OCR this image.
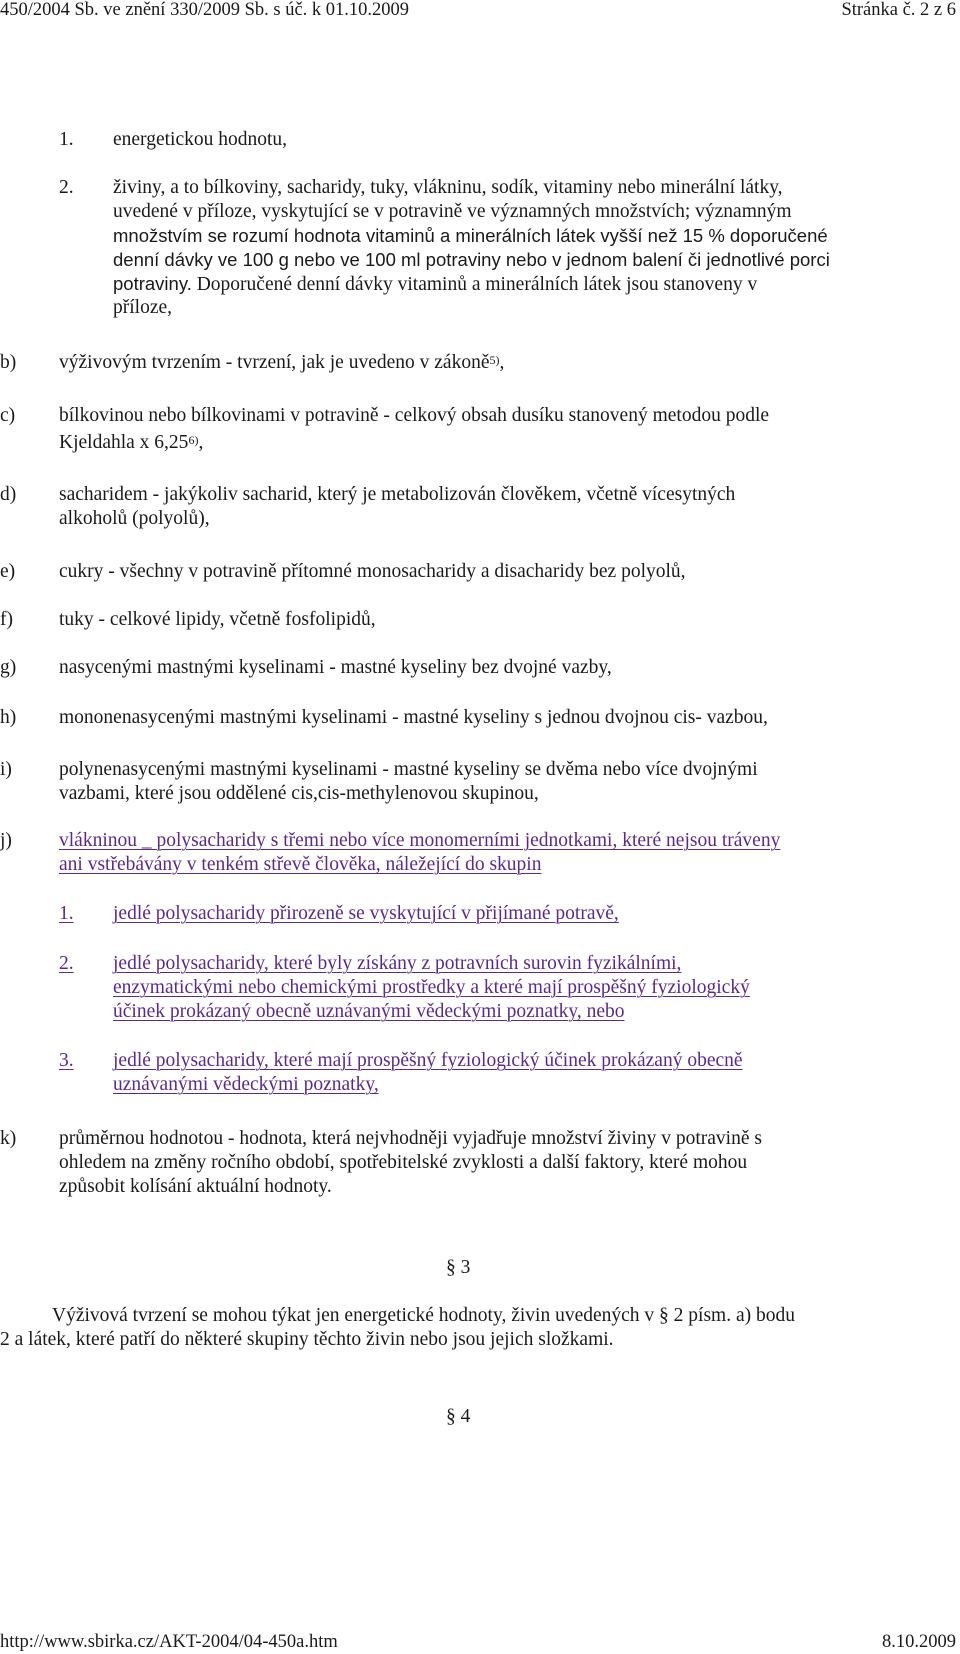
450/2004 Sb. ve znění 330/2009 Sb. s úč. k 01.10.2009	Stránka č. 2 z 6
1. energetickou hodnotu,
2. živiny, a to bílkoviny, sacharidy, tuky, vlákninu, sodík, vitaminy nebo minerální látky,
uvedené v příloze, vyskytující se v potravině ve významných množstvích; významným
množstvím se rozumí hodnota vitaminů a minerálních látek vyšší než 15 % doporučené
denní dávky ve 100 g nebo ve 100 ml potraviny nebo v jednom balení či jednotlivé porci
potraviny. Doporučené denní dávky vitaminů a minerálních látek jsou stanoveny v
příloze,
b) výživovým tvrzením - tvrzení, jak je uvedeno v zákoně$^{5)}$,
c) bílkovinou nebo bílkovinami v potravině - celkový obsah dusíku stanovený metodou podle
Kjeldahla x 6,25$^{6)}$,
d) sacharidem - jakýkoliv sacharid, který je metabolizován člověkem, včetně vícesytných
alkoholů (polyolů),
e) cukry - všechny v potravině přítomné monosacharidy a disacharidy bez polyolů,
f) tuky - celkové lipidy, včetně fosfolipidů,
g) nasycenými mastnými kyselinami - mastné kyseliny bez dvojné vazby,
h) mononenasycenými mastnými kyselinami - mastné kyseliny s jednou dvojnou cis- vazbou,
i) polynenasycenými mastnými kyselinami - mastné kyseliny se dvěma nebo více dvojnými
vazbami, které jsou oddělené cis,cis-methylenovou skupinou,
j) vlákninou _ polysacharidy s třemi nebo více monomerními jednotkami, které nejsou tráveny
ani vstřebávány v tenkém střevě člověka, náležející do skupin
1. jedlé polysacharidy přirozeně se vyskytující v přijímané potravě,
2. jedlé polysacharidy, které byly získány z potravních surovin fyzikálními,
enzymatickými nebo chemickými prostředky a které mají prospěšný fyziologický
účinek prokázaný obecně uznávanými vědeckými poznatky, nebo
3. jedlé polysacharidy, které mají prospěšný fyziologický účinek prokázaný obecně
uznávanými vědeckými poznatky,
k) průměrnou hodnotou - hodnota, která nejvhodněji vyjadřuje množství živiny v potravině s
ohledem na změny ročního období, spotřebitelské zvyklosti a další faktory, které mohou
způsobit kolísání aktuální hodnoty.
§ 3
Výživová tvrzení se mohou týkat jen energetické hodnoty, živin uvedených v § 2 písm. a) bodu
2 a látek, které patří do některé skupiny těchto živin nebo jsou jejich složkami.
§ 4
http://www.sbirka.cz/AKT-2004/04-450a.htm	8.10.2009
